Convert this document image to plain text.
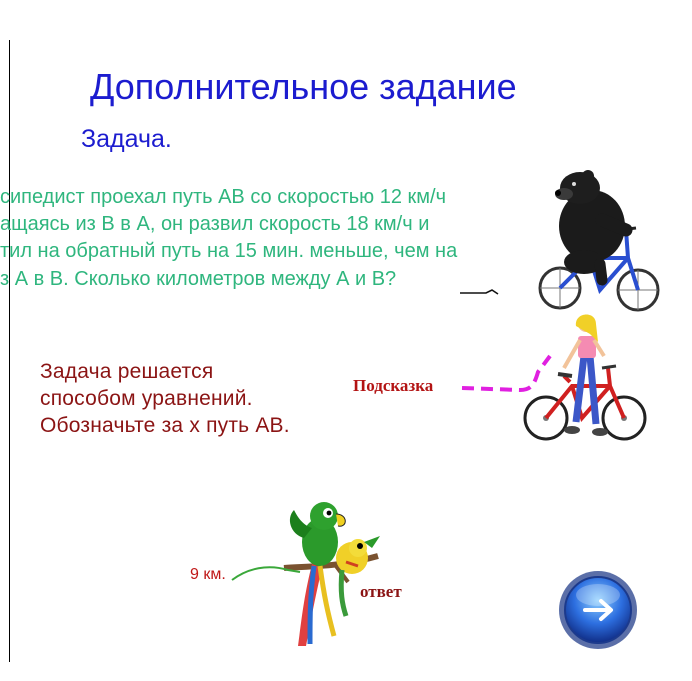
Дополнительное задание
Задача.
сипедист проехал путь АВ со скоростью 12 км/ч
ащаясь из В в А, он развил скорость 18 км/ч и
тил на обратный путь на 15 мин. меньше, чем на
з А в В. Сколько километров между А и В?
Задача решается
способом уравнений.
Обозначьте за х путь АВ.
Подсказка
9 км.
ответ
